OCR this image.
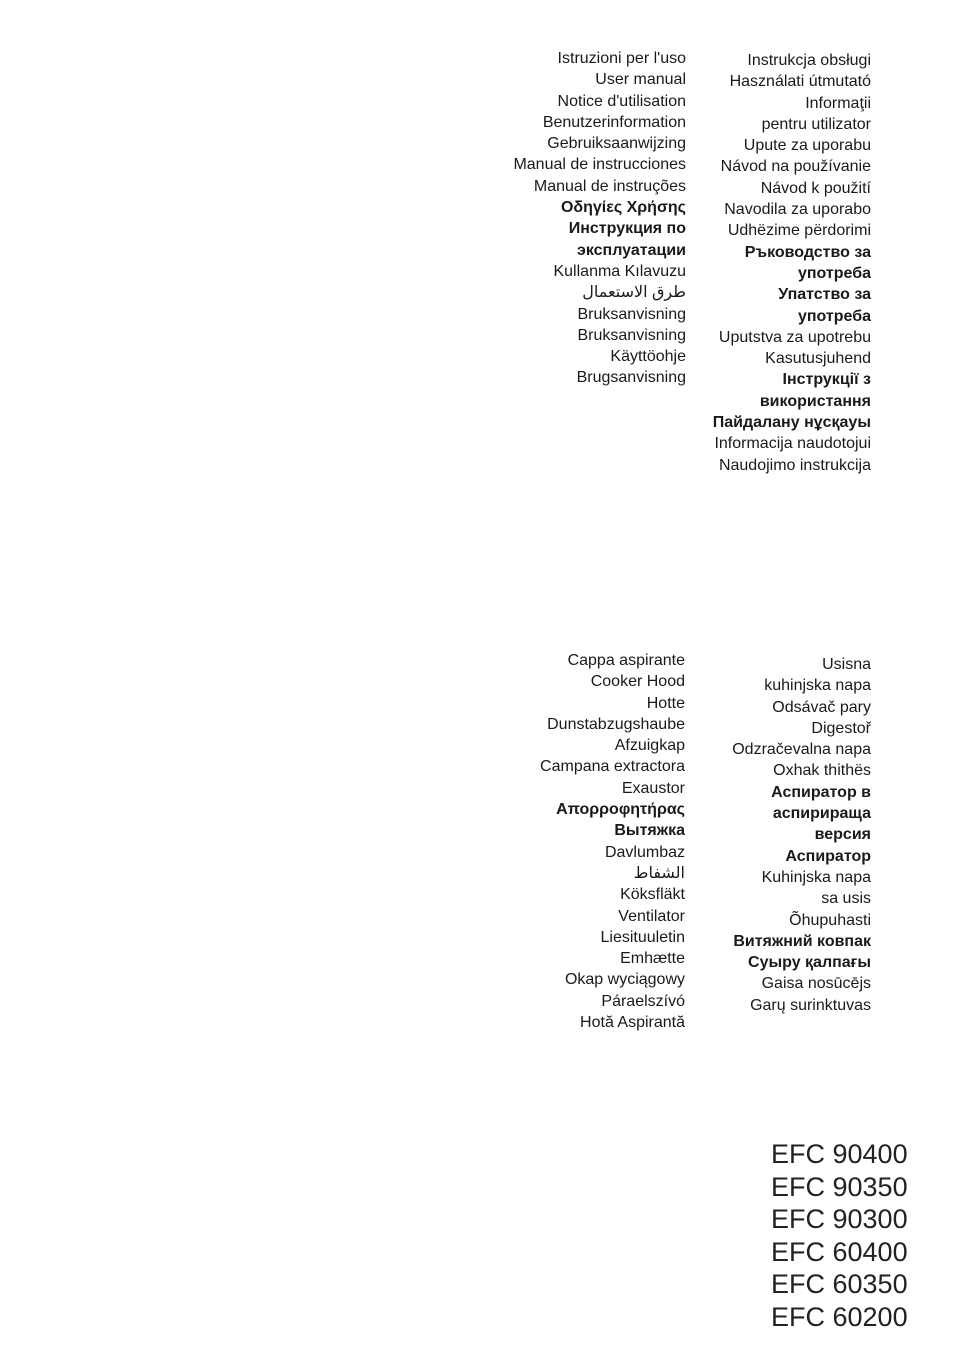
Istruzioni per l'uso
User manual
Notice d'utilisation
Benutzerinformation
Gebruiksaanwijzing
Manual de instrucciones
Manual de instruções
Οδηγίες Χρήσης
Инструкция по
эксплуатации
Kullanma Kılavuzu
طرق الاستعمال
Bruksanvisning
Bruksanvisning
Käyttöohje
Brugsanvisning
Instrukcja obsługi
Használati útmutató
Informaţii
pentru utilizator
Upute za uporabu
Návod na používanie
Návod k použití
Navodila za uporabo
Udhëzime përdorimi
Ръководство за
употреба
Упатство за
употреба
Uputstva za upotrebu
Kasutusjuhend
Інструкції з
використання
Пайдалану нұсқауы
Informacija naudotojui
Naudojimo instrukcija
Cappa aspirante
Cooker Hood
Hotte
Dunstabzugshaube
Afzuigkap
Campana extractora
Exaustor
Απορροφητήρας
Вытяжка
Davlumbaz
الشفاط
Köksfläkt
Ventilator
Liesituuletin
Emhætte
Okap wyciągowy
Páraelszívó
Hotă Aspirantă
Usisna
kuhinjska napa
Odsávač pary
Digestoř
Odzračevalna napa
Oxhak thithës
Аспиратор в
аспирираща
версия
Аспиратор
Kuhinjska napa
sa usis
Õhupuhasti
Витяжний ковпак
Суыру қалпағы
Gaisa nosūcējs
Garų surinktuvas
EFC 90400
EFC 90350
EFC 90300
EFC 60400
EFC 60350
EFC 60200
